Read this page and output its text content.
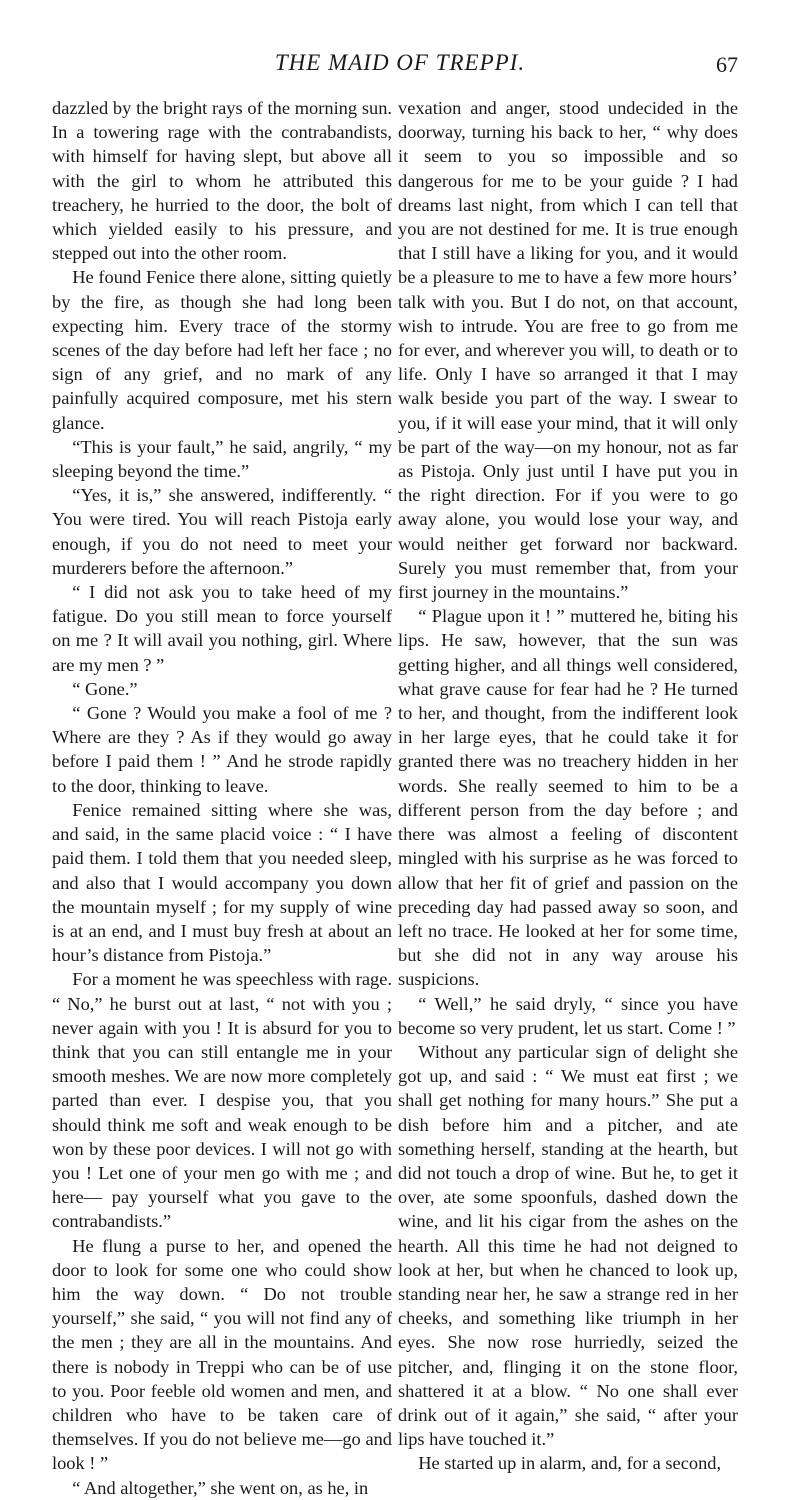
THE MAID OF TREPPI.	67

dazzled by the bright rays of the morning sun. In a towering rage with the contrabandists, with himself for having slept, but above all with the girl to whom he attributed this treachery, he hurried to the door, the bolt of which yielded easily to his pressure, and stepped out into the other room.

He found Fenice there alone, sitting quietly by the fire, as though she had long been expecting him. Every trace of the stormy scenes of the day before had left her face ; no sign of any grief, and no mark of any painfully acquired composure, met his stern glance.

“This is your fault,” he said, angrily, “ my sleeping beyond the time.”

“Yes, it is,” she answered, indifferently. “ You were tired. You will reach Pistoja early enough, if you do not need to meet your murderers before the afternoon.”

“ I did not ask you to take heed of my fatigue. Do you still mean to force yourself on me ? It will avail you nothing, girl. Where are my men ? ”

“ Gone.”

“ Gone ? Would you make a fool of me ? Where are they ? As if they would go away before I paid them ! ” And he strode rapidly to the door, thinking to leave.

Fenice remained sitting where she was, and said, in the same placid voice : “ I have paid them. I told them that you needed sleep, and also that I would accompany you down the mountain myself ; for my supply of wine is at an end, and I must buy fresh at about an hour’s distance from Pistoja.”

For a moment he was speechless with rage. “ No,” he burst out at last, “ not with you ; never again with you ! It is absurd for you to think that you can still entangle me in your smooth meshes. We are now more completely parted than ever. I despise you, that you should think me soft and weak enough to be won by these poor devices. I will not go with you ! Let one of your men go with me ; and here— pay yourself what you gave to the contrabandists.”

He flung a purse to her, and opened the door to look for some one who could show him the way down. “ Do not trouble yourself,” she said, “ you will not find any of the men ; they are all in the mountains. And there is nobody in Treppi who can be of use to you. Poor feeble old women and men, and children who have to be taken care of themselves. If you do not believe me—go and look ! ”

“ And altogether,” she went on, as he, in

vexation and anger, stood undecided in the doorway, turning his back to her, “ why does it seem to you so impossible and so dangerous for me to be your guide ? I had dreams last night, from which I can tell that you are not destined for me. It is true enough that I still have a liking for you, and it would be a pleasure to me to have a few more hours’ talk with you. But I do not, on that account, wish to intrude. You are free to go from me for ever, and wherever you will, to death or to life. Only I have so arranged it that I may walk beside you part of the way. I swear to you, if it will ease your mind, that it will only be part of the way—on my honour, not as far as Pistoja. Only just until I have put you in the right direction. For if you were to go away alone, you would lose your way, and would neither get forward nor backward. Surely you must remember that, from your first journey in the mountains.”

“ Plague upon it ! ” muttered he, biting his lips. He saw, however, that the sun was getting higher, and all things well considered, what grave cause for fear had he ? He turned to her, and thought, from the indifferent look in her large eyes, that he could take it for granted there was no treachery hidden in her words. She really seemed to him to be a different person from the day before ; and there was almost a feeling of discontent mingled with his surprise as he was forced to allow that her fit of grief and passion on the preceding day had passed away so soon, and left no trace. He looked at her for some time, but she did not in any way arouse his suspicions.

“ Well,” he said dryly, “ since you have become so very prudent, let us start. Come ! ”

Without any particular sign of delight she got up, and said : “ We must eat first ; we shall get nothing for many hours.” She put a dish before him and a pitcher, and ate something herself, standing at the hearth, but did not touch a drop of wine. But he, to get it over, ate some spoonfuls, dashed down the wine, and lit his cigar from the ashes on the hearth. All this time he had not deigned to look at her, but when he chanced to look up, standing near her, he saw a strange red in her cheeks, and something like triumph in her eyes. She now rose hurriedly, seized the pitcher, and, flinging it on the stone floor, shattered it at a blow. “ No one shall ever drink out of it again,” she said, “ after your lips have touched it.”

He started up in alarm, and, for a second,
